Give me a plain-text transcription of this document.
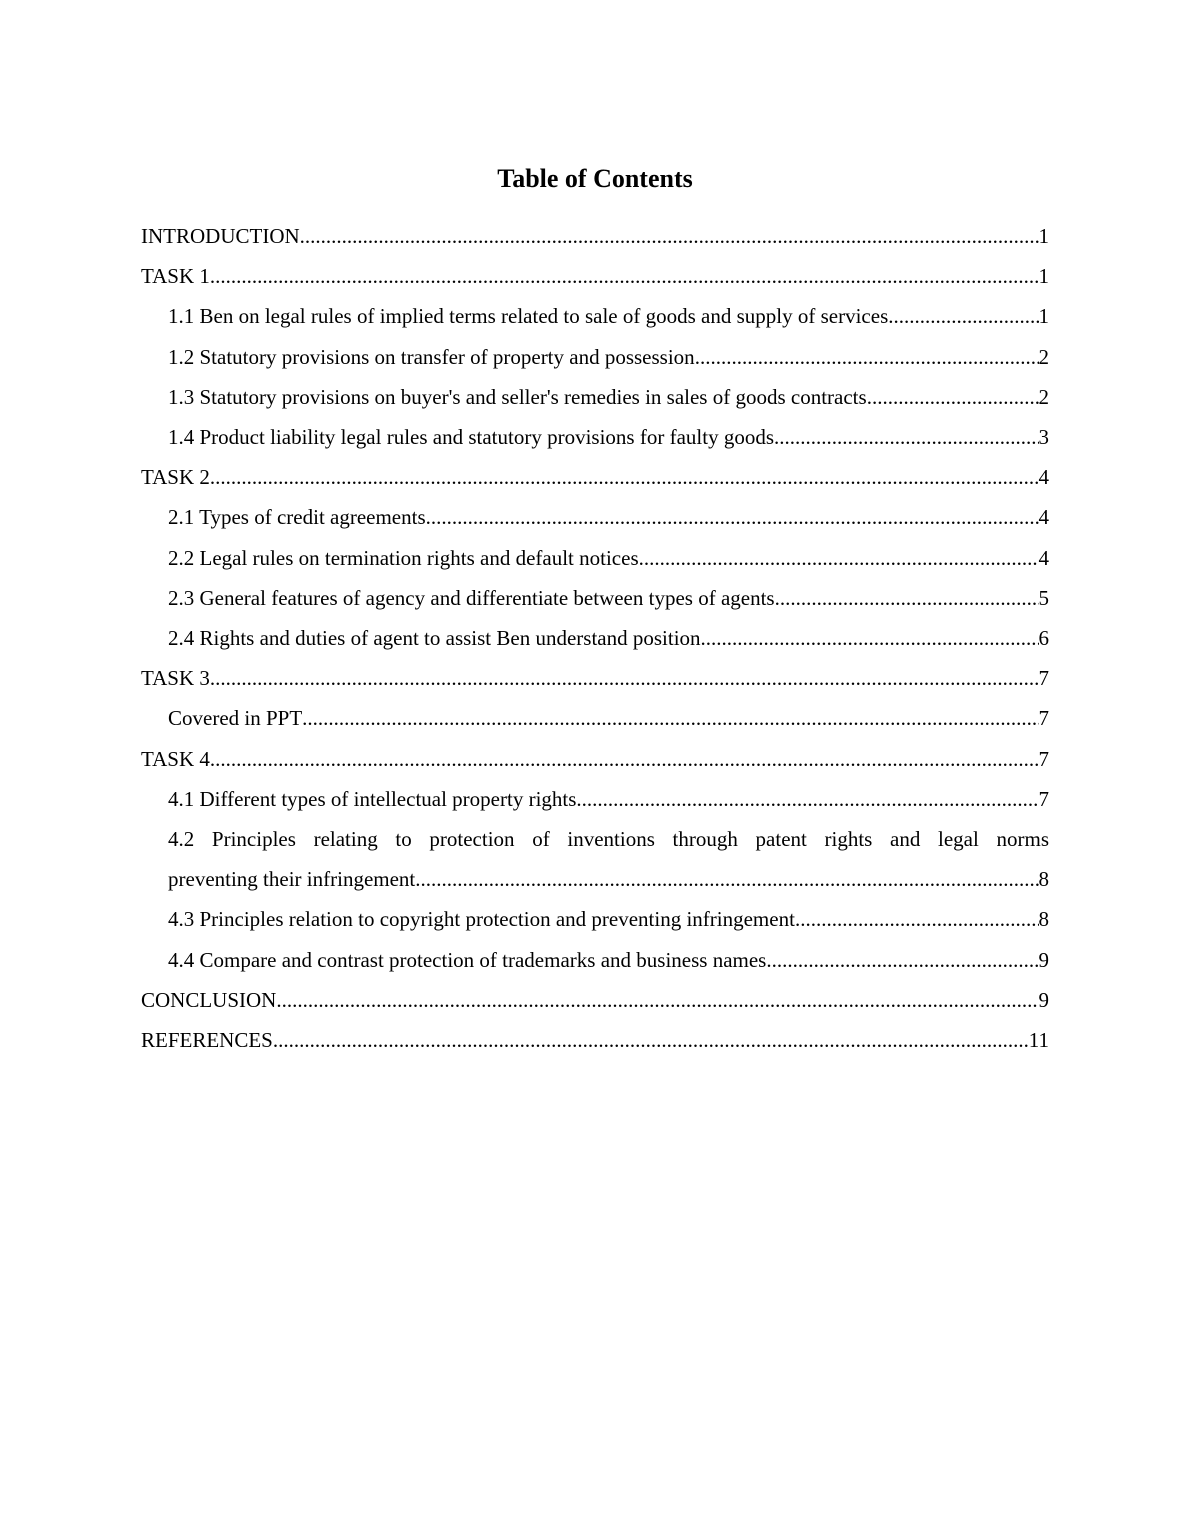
Table of Contents
INTRODUCTION .....	1
TASK 1 .....	1
1.1 Ben on legal rules of implied terms related to sale of goods and supply of services .....	1
1.2 Statutory provisions on transfer of property and possession .....	2
1.3 Statutory provisions on buyer's and seller's remedies in sales of goods contracts .....	2
1.4 Product liability legal rules and statutory provisions for faulty goods .....	3
TASK 2 .....	4
2.1 Types of credit agreements .....	4
2.2 Legal rules on termination rights and default notices .....	4
2.3 General features of agency and differentiate between types of agents .....	5
2.4 Rights and duties of agent to assist Ben understand position .....	6
TASK 3 .....	7
Covered in PPT .....	7
TASK 4 .....	7
4.1 Different types of intellectual property rights .....	7
4.2 Principles relating to protection of inventions through patent rights and legal norms
preventing their infringement .....	8
4.3 Principles relation to copyright protection and preventing infringement .....	8
4.4 Compare and contrast protection of trademarks and business names .....	9
CONCLUSION .....	9
REFERENCES .....	11
